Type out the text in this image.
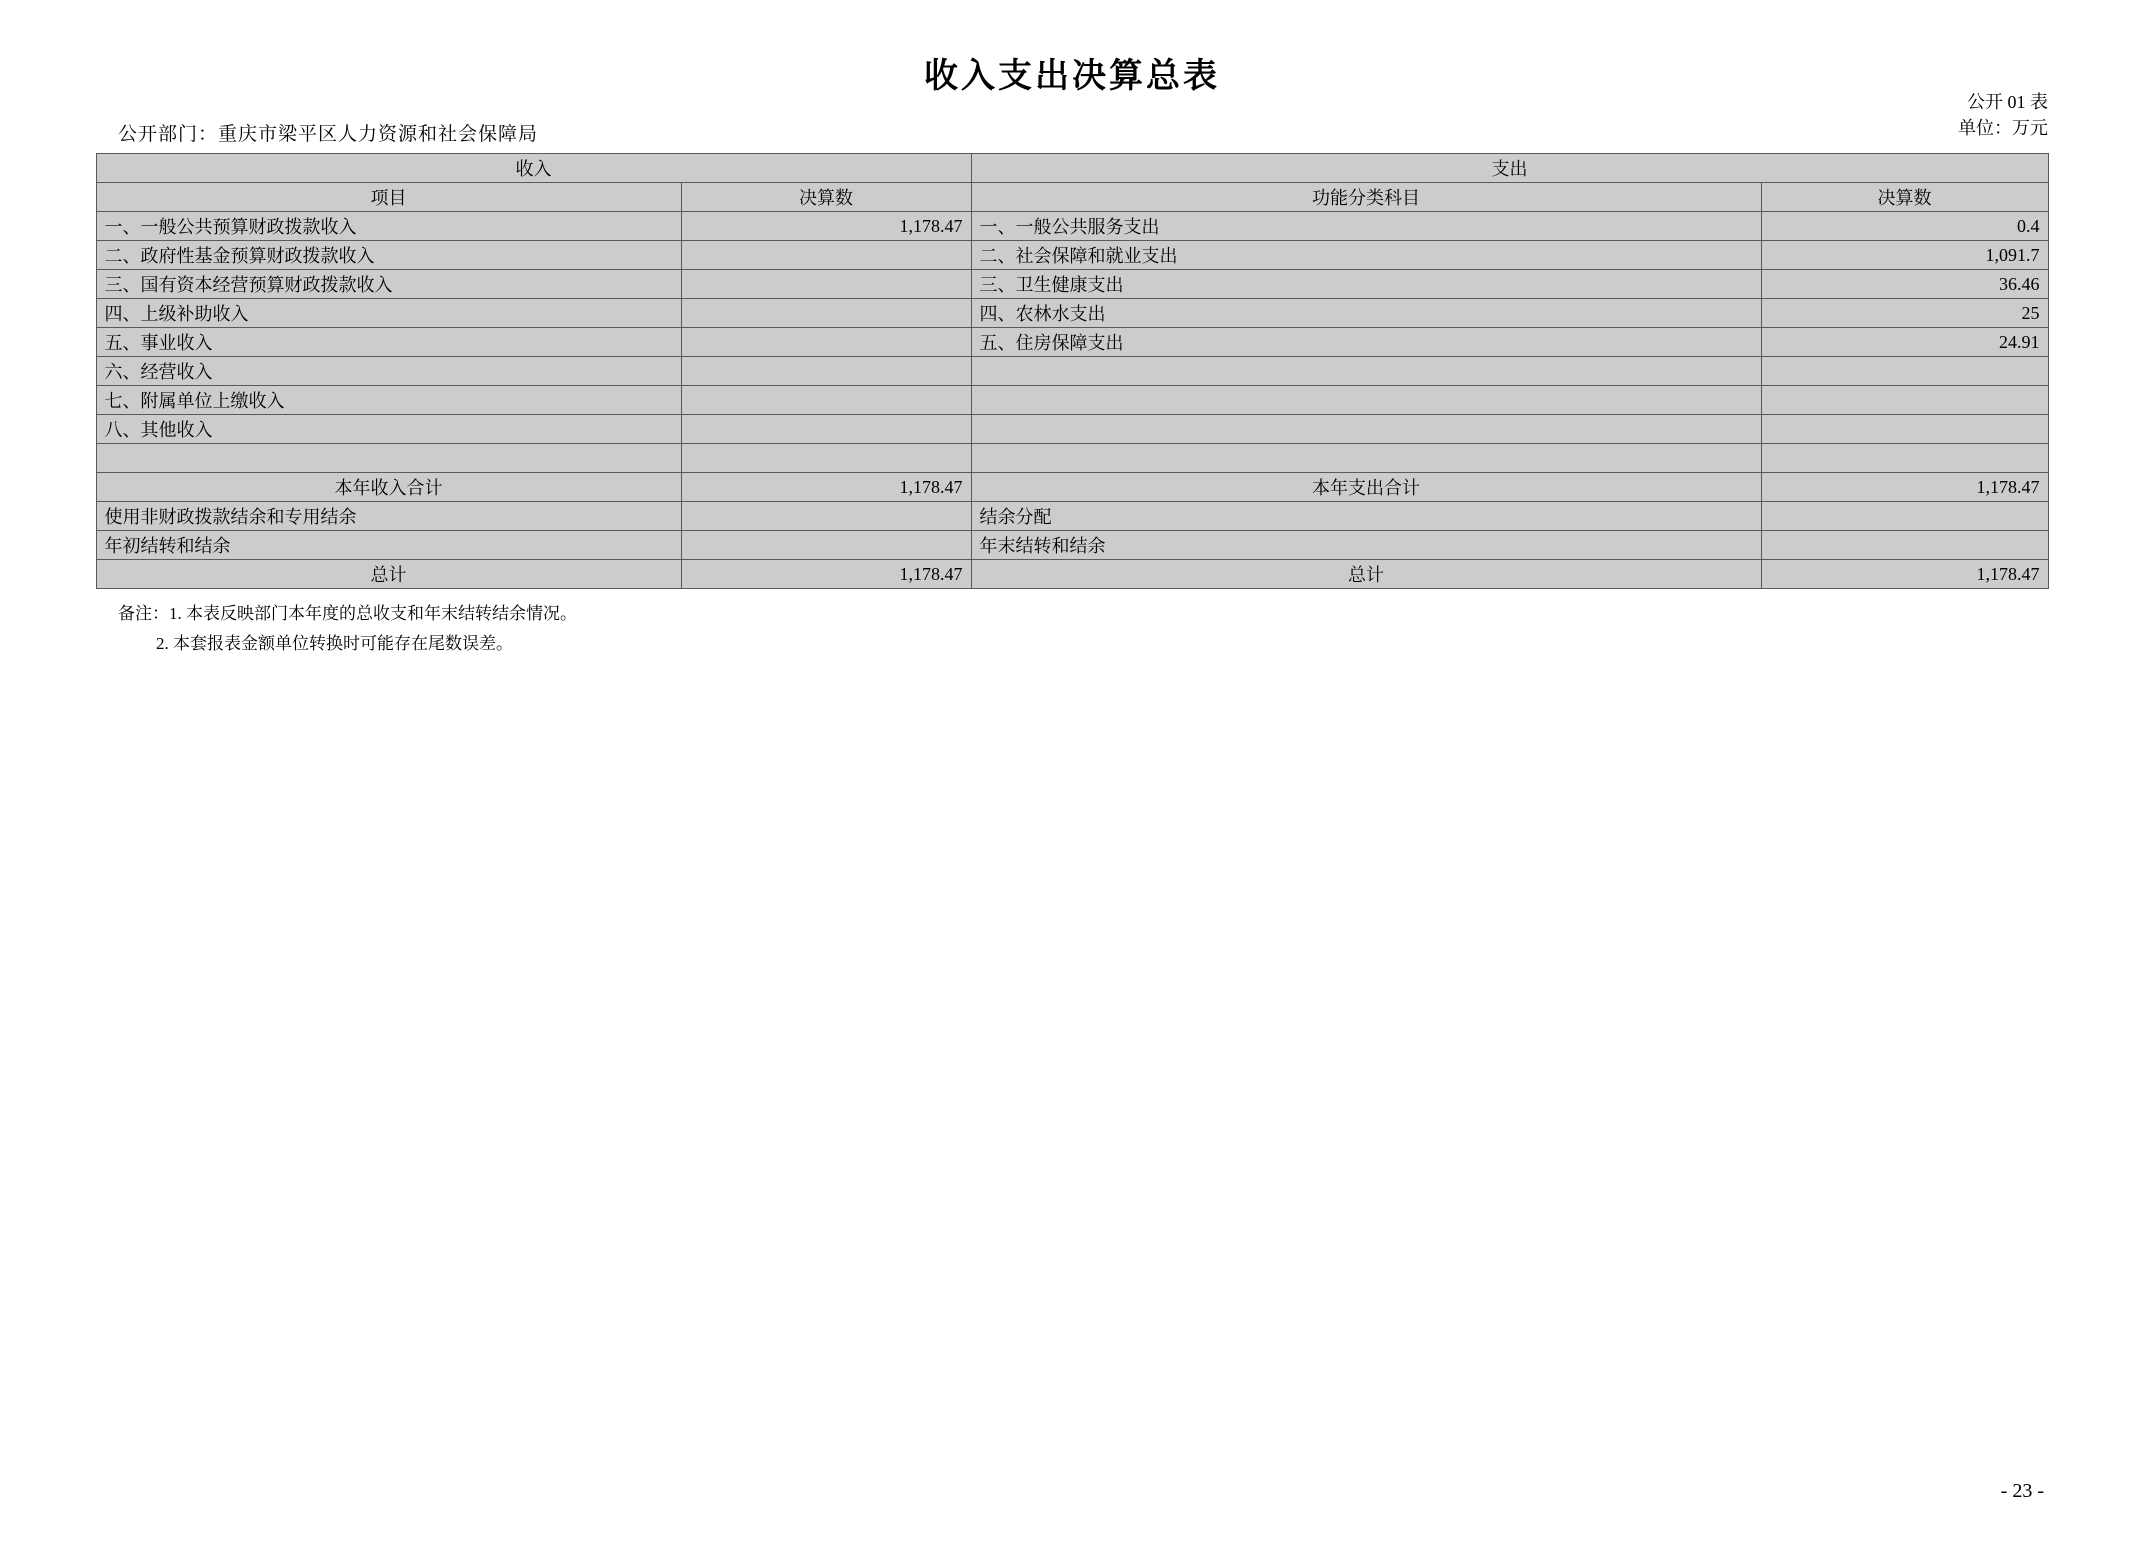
收入支出决算总表
公开部门：重庆市梁平区人力资源和社会保障局
公开 01 表
单位：万元
收入		支出	
项目	决算数	功能分类科目	决算数
一、一般公共预算财政拨款收入	1,178.47	一、一般公共服务支出	0.4
二、政府性基金预算财政拨款收入		二、社会保障和就业支出	1,091.7
三、国有资本经营预算财政拨款收入		三、卫生健康支出	36.46
四、上级补助收入		四、农林水支出	25
五、事业收入		五、住房保障支出	24.91
六、经营收入			
七、附属单位上缴收入			
八、其他收入			

本年收入合计	1,178.47	本年支出合计	1,178.47
使用非财政拨款结余和专用结余		结余分配	
年初结转和结余		年末结转和结余	
总计	1,178.47	总计	1,178.47
备注：1. 本表反映部门本年度的总收支和年末结转结余情况。
2. 本套报表金额单位转换时可能存在尾数误差。
- 23 -
